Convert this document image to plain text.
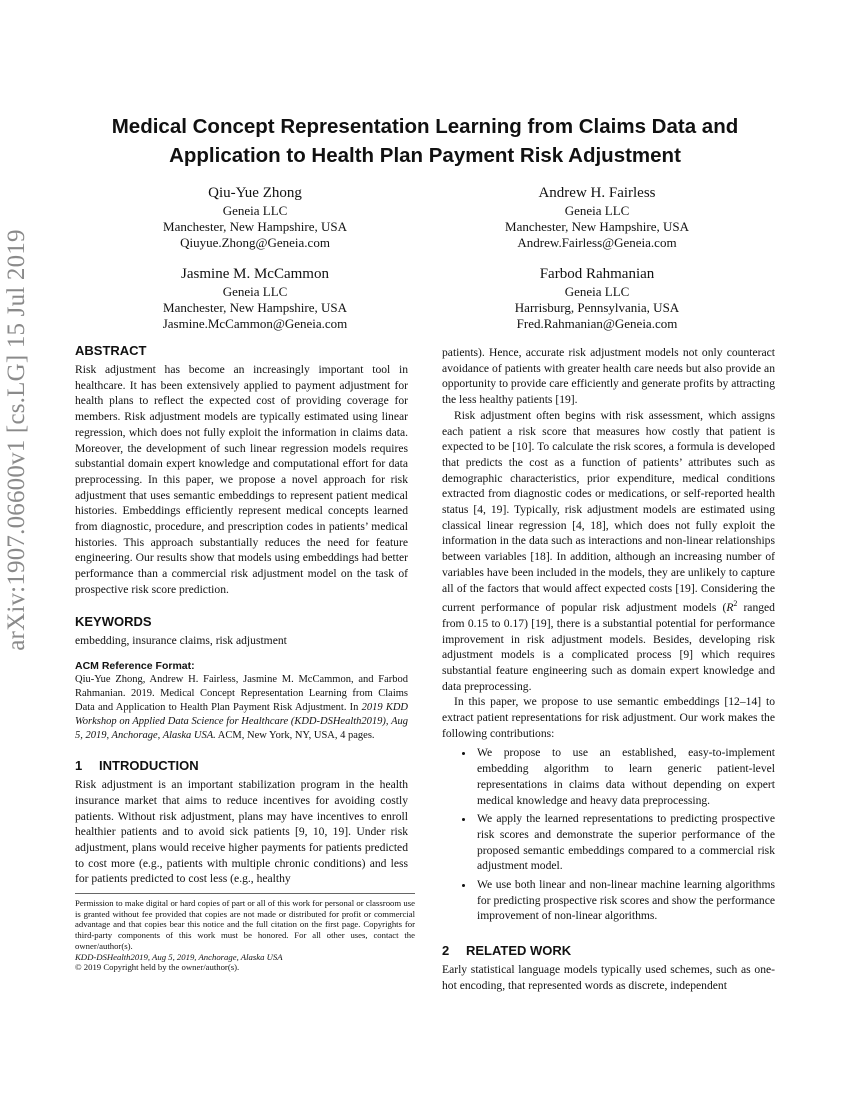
arXiv:1907.06600v1 [cs.LG] 15 Jul 2019
Medical Concept Representation Learning from Claims Data and Application to Health Plan Payment Risk Adjustment
Qiu-Yue Zhong
Geneia LLC
Manchester, New Hampshire, USA
Qiuyue.Zhong@Geneia.com
Andrew H. Fairless
Geneia LLC
Manchester, New Hampshire, USA
Andrew.Fairless@Geneia.com
Jasmine M. McCammon
Geneia LLC
Manchester, New Hampshire, USA
Jasmine.McCammon@Geneia.com
Farbod Rahmanian
Geneia LLC
Harrisburg, Pennsylvania, USA
Fred.Rahmanian@Geneia.com
ABSTRACT

Risk adjustment has become an increasingly important tool in healthcare. It has been extensively applied to payment adjustment for health plans to reflect the expected cost of providing coverage for members. Risk adjustment models are typically estimated using linear regression, which does not fully exploit the information in claims data. Moreover, the development of such linear regression models requires substantial domain expert knowledge and computational effort for data preprocessing. In this paper, we propose a novel approach for risk adjustment that uses semantic embeddings to represent patient medical histories. Embeddings efficiently represent medical concepts learned from diagnostic, procedure, and prescription codes in patients’ medical histories. This approach substantially reduces the need for feature engineering. Our results show that models using embeddings had better performance than a commercial risk adjustment model on the task of prospective risk score prediction.

KEYWORDS

embedding, insurance claims, risk adjustment

ACM Reference Format:

Qiu-Yue Zhong, Andrew H. Fairless, Jasmine M. McCammon, and Farbod Rahmanian. 2019. Medical Concept Representation Learning from Claims Data and Application to Health Plan Payment Risk Adjustment. In 2019 KDD Workshop on Applied Data Science for Healthcare (KDD-DSHealth2019), Aug 5, 2019, Anchorage, Alaska USA. ACM, New York, NY, USA, 4 pages.

1 INTRODUCTION

Risk adjustment is an important stabilization program in the health insurance market that aims to reduce incentives for avoiding costly patients. Without risk adjustment, plans may have incentives to enroll healthier patients and to avoid sick patients [9, 10, 19]. Under risk adjustment, plans would receive higher payments for patients predicted to cost more (e.g., patients with multiple chronic conditions) and less for patients predicted to cost less (e.g., healthy

Permission to make digital or hard copies of part or all of this work for personal or classroom use is granted without fee provided that copies are not made or distributed for profit or commercial advantage and that copies bear this notice and the full citation on the first page. Copyrights for third-party components of this work must be honored. For all other uses, contact the owner/author(s).

KDD-DSHealth2019, Aug 5, 2019, Anchorage, Alaska USA

© 2019 Copyright held by the owner/author(s).

patients). Hence, accurate risk adjustment models not only counteract avoidance of patients with greater health care needs but also provide an opportunity to provide care efficiently and generate profits by attracting the less healthy patients [19].

Risk adjustment often begins with risk assessment, which assigns each patient a risk score that measures how costly that patient is expected to be [10]. To calculate the risk scores, a formula is developed that predicts the cost as a function of patients’ attributes such as demographic characteristics, prior expenditure, medical conditions extracted from diagnostic codes or medications, or self-reported health status [4, 19]. Typically, risk adjustment models are estimated using classical linear regression [4, 18], which does not fully exploit the information in the data such as interactions and non-linear relationships between variables [18]. In addition, although an increasing number of variables have been included in the models, they are unlikely to capture all of the factors that would affect expected costs [19]. Considering the current performance of popular risk adjustment models ($R^2$ ranged from 0.15 to 0.17) [19], there is a substantial potential for performance improvement in risk adjustment models. Besides, developing risk adjustment models is a complicated process [9] which requires substantial feature engineering such as domain expert knowledge and data preprocessing.

In this paper, we propose to use semantic embeddings [12–14] to extract patient representations for risk adjustment. Our work makes the following contributions:

• We propose to use an established, easy-to-implement embedding algorithm to learn generic patient-level representations in claims data without depending on expert medical knowledge and heavy data preprocessing.
• We apply the learned representations to predicting prospective risk scores and demonstrate the superior performance of the proposed semantic embeddings compared to a commercial risk adjustment model.
• We use both linear and non-linear machine learning algorithms for predicting prospective risk scores and show the performance improvement of non-linear algorithms.
2 RELATED WORK

Early statistical language models typically used schemes, such as one-hot encoding, that represented words as discrete, independent
